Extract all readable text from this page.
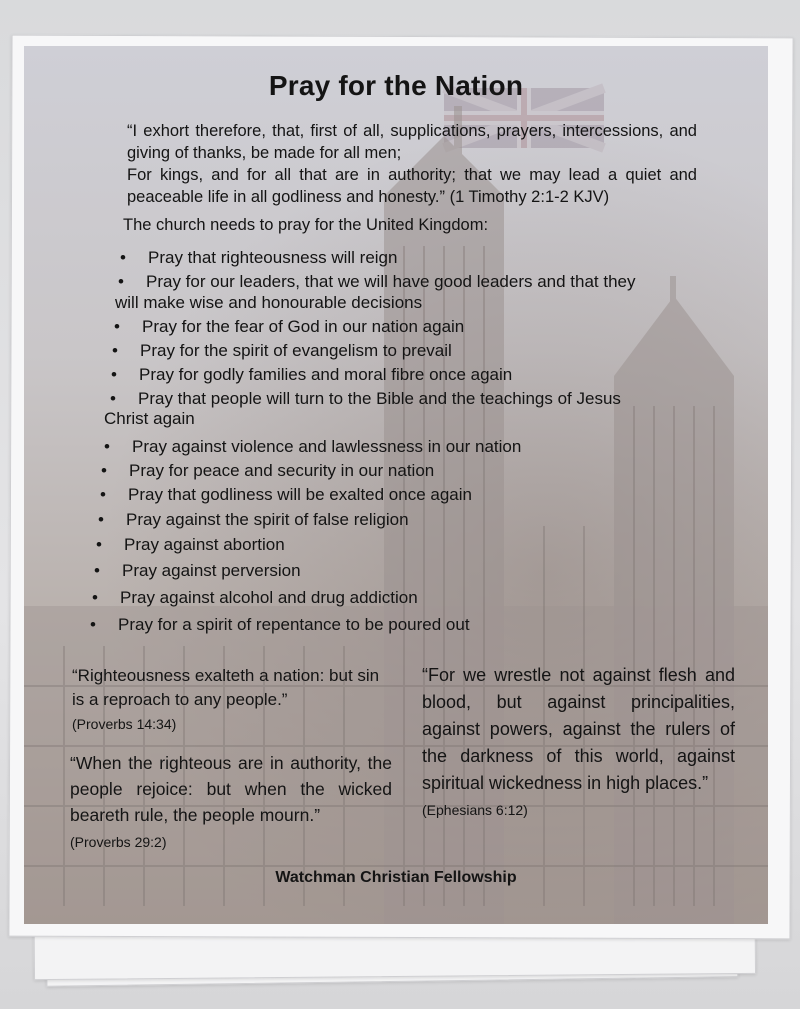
Pray for the Nation

“I exhort therefore, that, first of all, supplications, prayers, intercessions, and giving of thanks, be made for all men;

For kings, and for all that are in authority; that we may lead a quiet and peaceable life in all godliness and honesty.” (1 Timothy 2:1-2 KJV)

The church needs to pray for the United Kingdom:
• Pray that righteousness will reign
• Pray for our leaders, that we will have good leaders and that they
will make wise and honourable decisions
• Pray for the fear of God in our nation again
• Pray for the spirit of evangelism to prevail
• Pray for godly families and moral fibre once again
• Pray that people will turn to the Bible and the teachings of Jesus
Christ again
• Pray against violence and lawlessness in our nation
• Pray for peace and security in our nation
• Pray that godliness will be exalted once again
• Pray against the spirit of false religion
• Pray against abortion
• Pray against perversion
• Pray against alcohol and drug addiction
• Pray for a spirit of repentance to be poured out
“Righteousness exalteth a nation: but sin is a reproach to any people.”
(Proverbs 14:34)
“When the righteous are in authority, the people rejoice: but when the wicked beareth rule, the people mourn.”
(Proverbs 29:2)
“For we wrestle not against flesh and blood, but against principalities, against powers, against the rulers of the darkness of this world, against spiritual wickedness in high places.”
(Ephesians 6:12)
Watchman Christian Fellowship
